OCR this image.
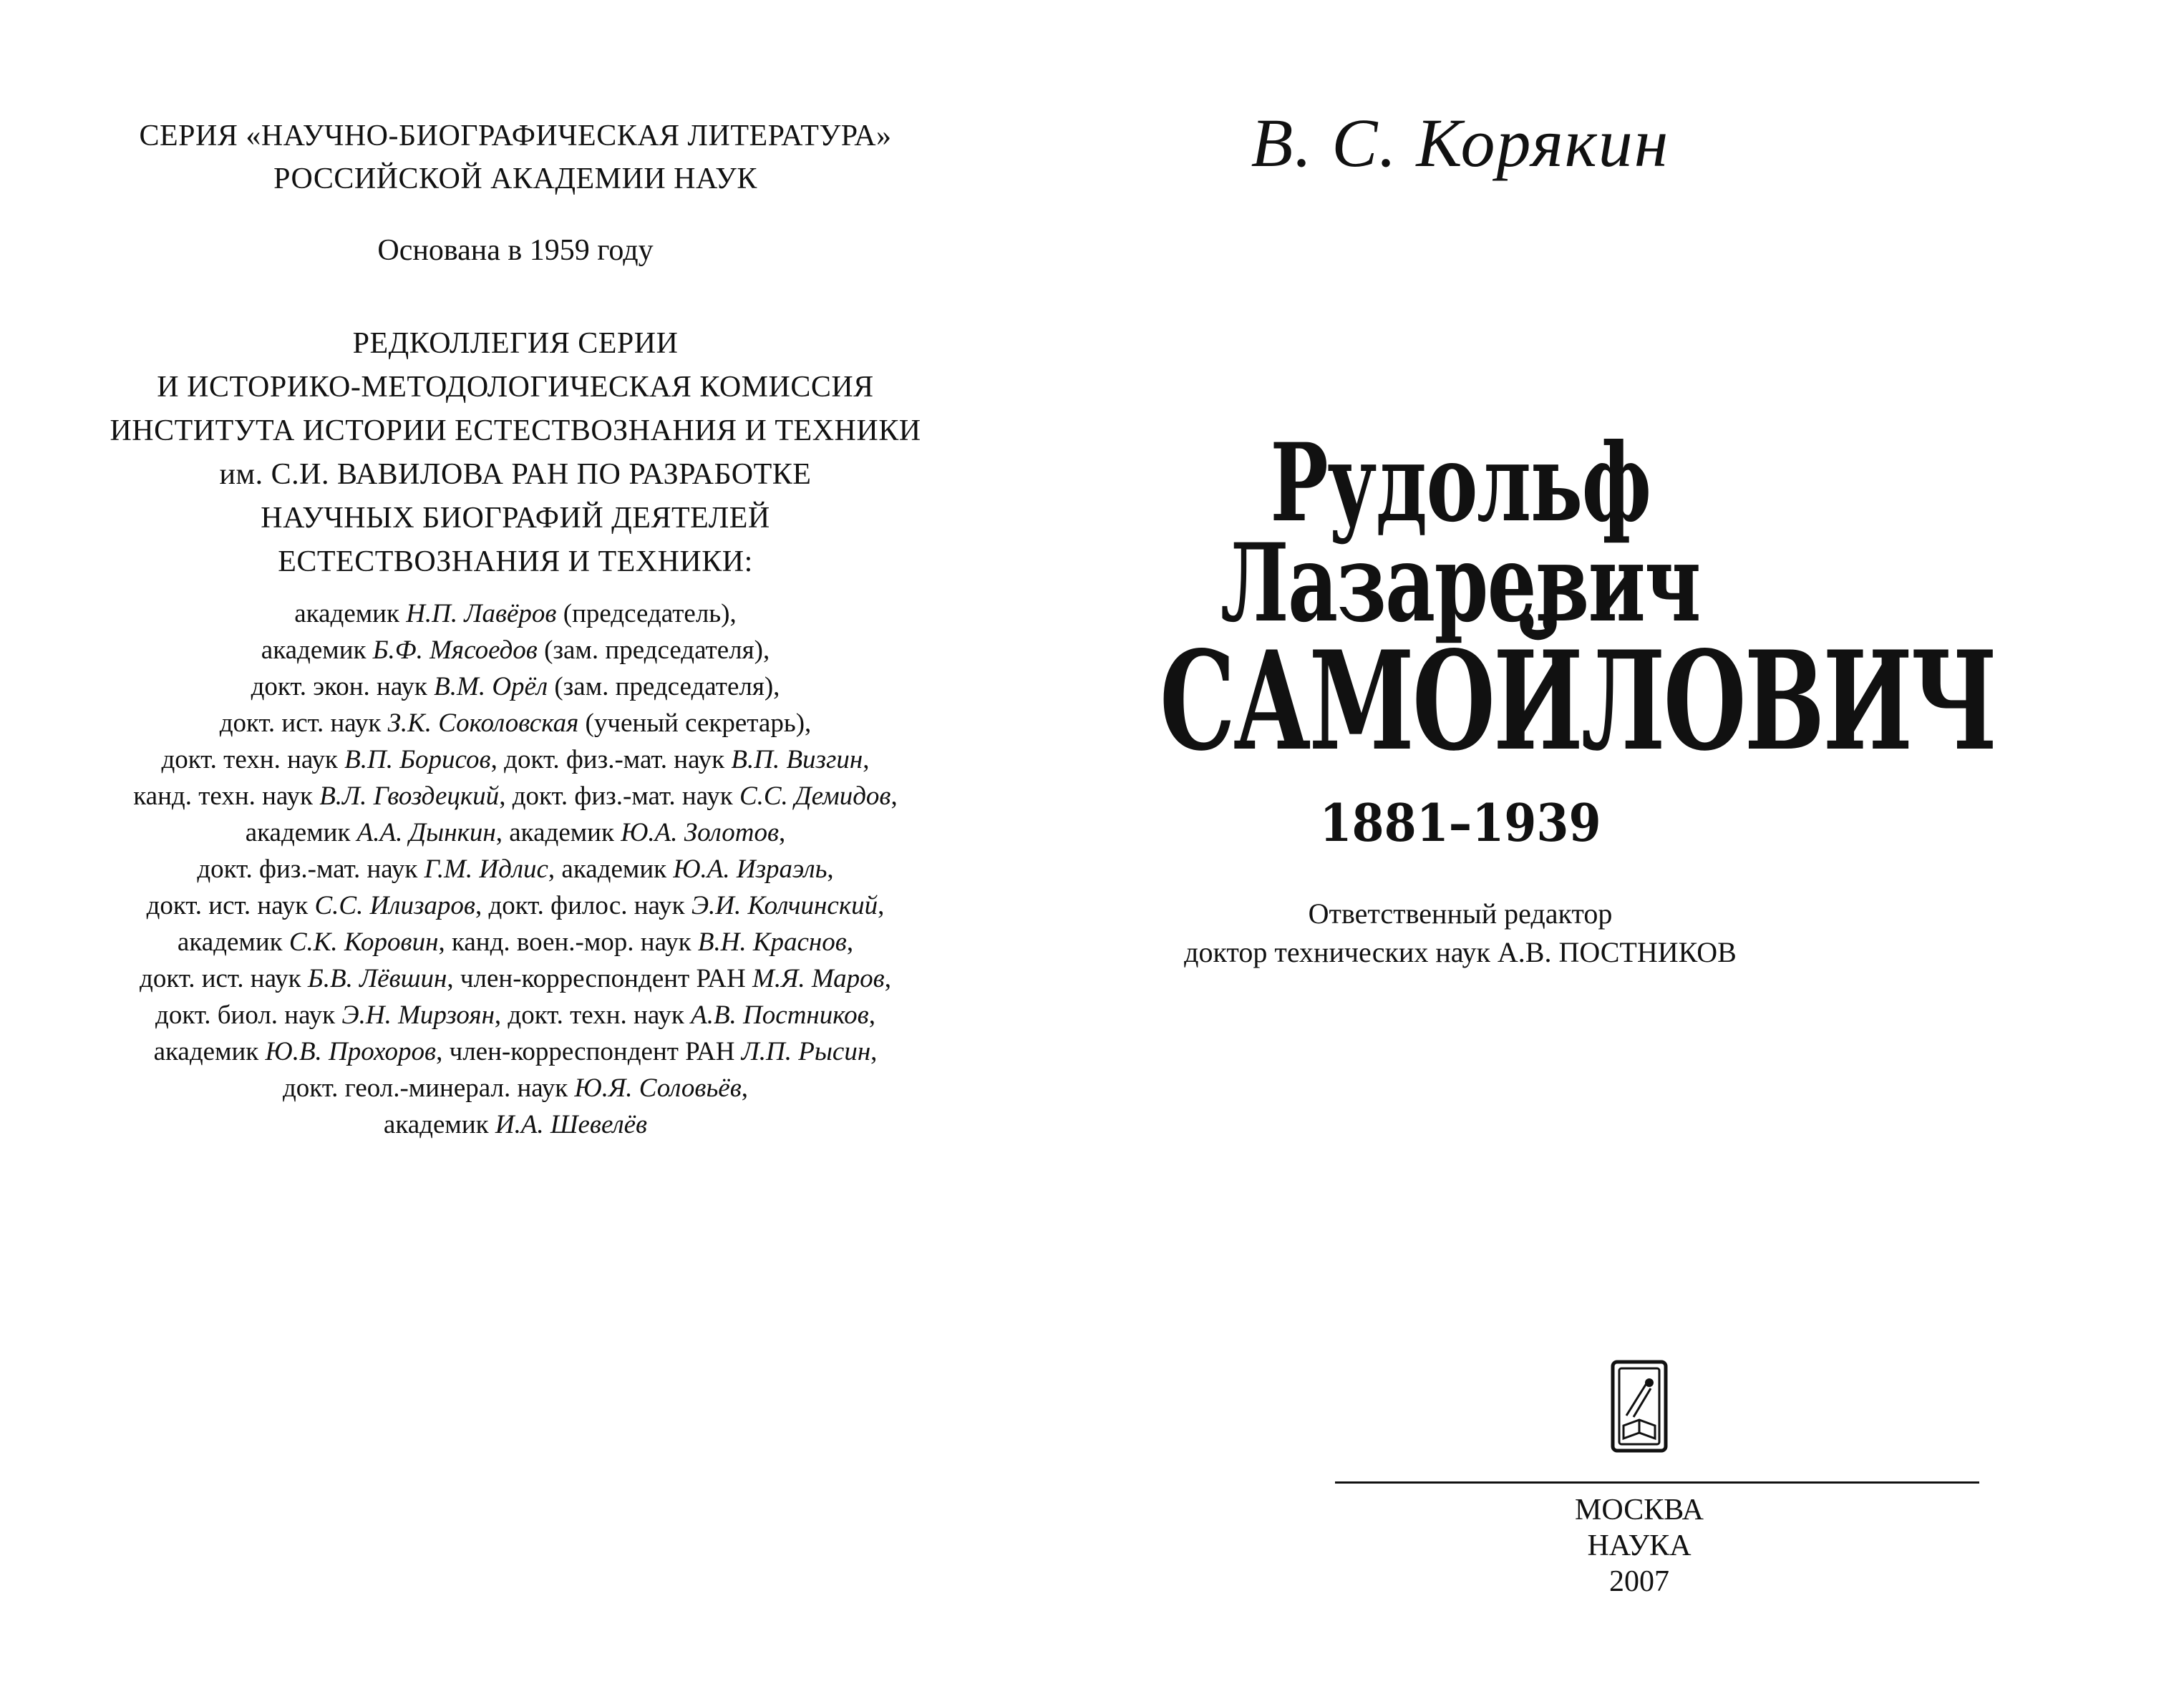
СЕРИЯ «НАУЧНО-БИОГРАФИЧЕСКАЯ ЛИТЕРАТУРА»
РОССИЙСКОЙ АКАДЕМИИ НАУК
Основана в 1959 году
РЕДКОЛЛЕГИЯ СЕРИИ
И ИСТОРИКО-МЕТОДОЛОГИЧЕСКАЯ КОМИССИЯ
ИНСТИТУТА ИСТОРИИ ЕСТЕСТВОЗНАНИЯ И ТЕХНИКИ
им. С.И. ВАВИЛОВА РАН ПО РАЗРАБОТКЕ
НАУЧНЫХ БИОГРАФИЙ ДЕЯТЕЛЕЙ
ЕСТЕСТВОЗНАНИЯ И ТЕХНИКИ:
академик Н.П. Лавёров (председатель),
академик Б.Ф. Мясоедов (зам. председателя),
докт. экон. наук В.М. Орёл (зам. председателя),
докт. ист. наук З.К. Соколовская (ученый секретарь),
докт. техн. наук В.П. Борисов, докт. физ.-мат. наук В.П. Визгин,
канд. техн. наук В.Л. Гвоздецкий, докт. физ.-мат. наук С.С. Демидов,
академик А.А. Дынкин, академик Ю.А. Золотов,
докт. физ.-мат. наук Г.М. Идлис, академик Ю.А. Израэль,
докт. ист. наук С.С. Илизаров, докт. филос. наук Э.И. Колчинский,
академик С.К. Коровин, канд. воен.-мор. наук В.Н. Краснов,
докт. ист. наук Б.В. Лёвшин, член-корреспондент РАН М.Я. Маров,
докт. биол. наук Э.Н. Мирзоян, докт. техн. наук А.В. Постников,
академик Ю.В. Прохоров, член-корреспондент РАН Л.П. Рысин,
докт. геол.-минерал. наук Ю.Я. Соловьёв,
академик И.А. Шевелёв
В. С. Корякин
Рудольф
Лазаревич
САМОЙЛОВИЧ
1881–1939
Ответственный редактор
доктор технических наук А.В. ПОСТНИКОВ
МОСКВА
НАУКА
2007
